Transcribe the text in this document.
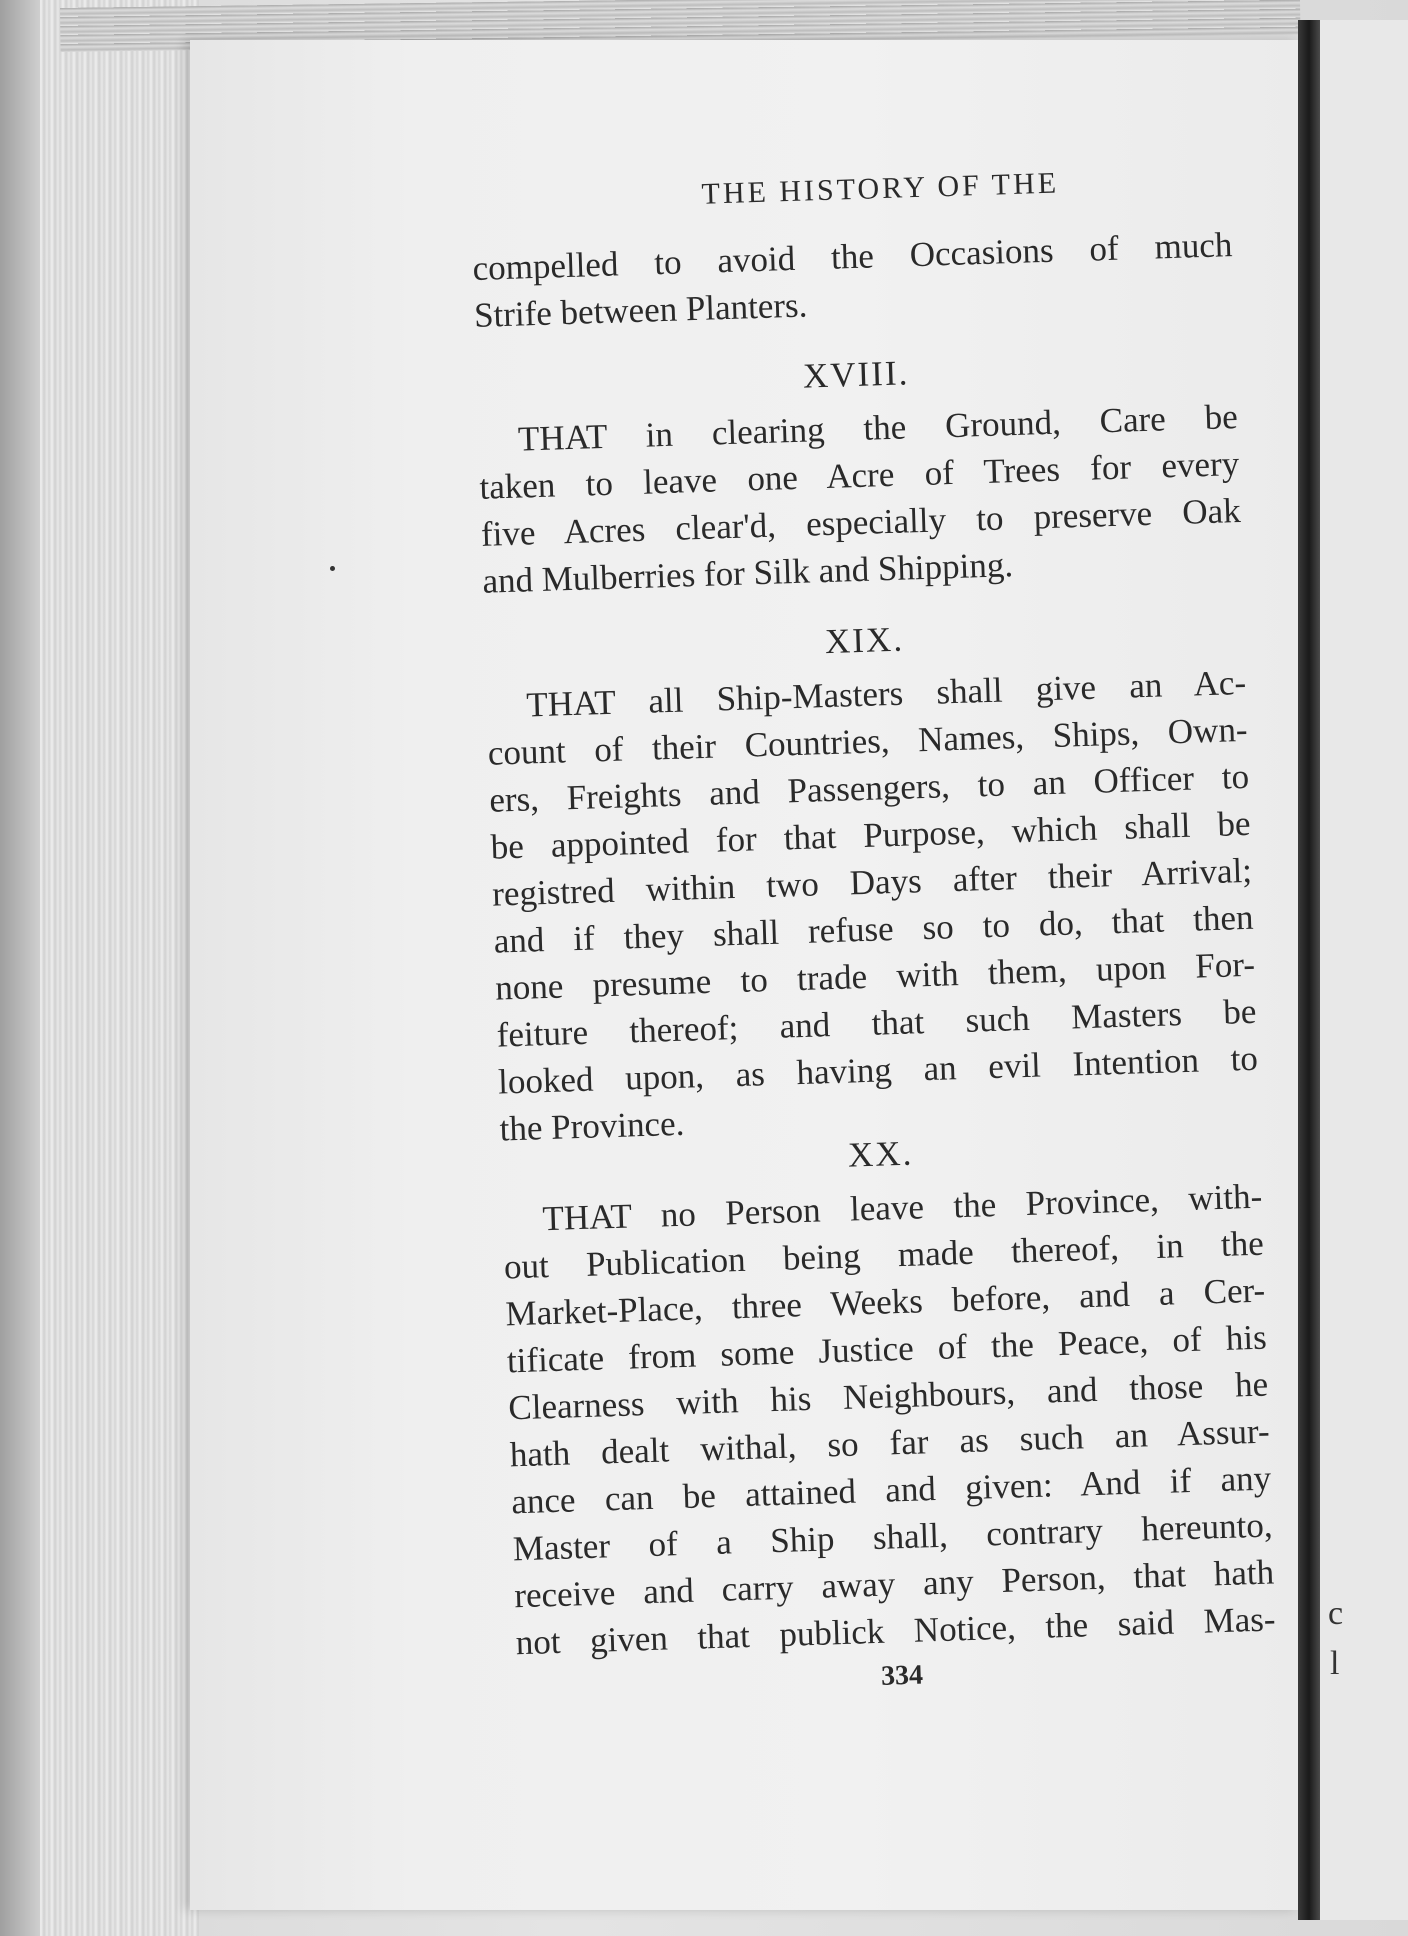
c
l
THE HISTORY OF THE
compelled to avoid the Occasions of much
Strife between Planters.
XVIII.
THAT in clearing the Ground, Care be
taken to leave one Acre of Trees for every
five Acres clear'd, especially to preserve Oak
and Mulberries for Silk and Shipping.
XIX.
THAT all Ship-Masters shall give an Ac-
count of their Countries, Names, Ships, Own-
ers, Freights and Passengers, to an Officer to
be appointed for that Purpose, which shall be
registred within two Days after their Arrival;
and if they shall refuse so to do, that then
none presume to trade with them, upon For-
feiture thereof; and that such Masters be
looked upon, as having an evil Intention to
the Province.
XX.
THAT no Person leave the Province, with-
out Publication being made thereof, in the
Market-Place, three Weeks before, and a Cer-
tificate from some Justice of the Peace, of his
Clearness with his Neighbours, and those he
hath dealt withal, so far as such an Assur-
ance can be attained and given: And if any
Master of a Ship shall, contrary hereunto,
receive and carry away any Person, that hath
not given that publick Notice, the said Mas-
334
